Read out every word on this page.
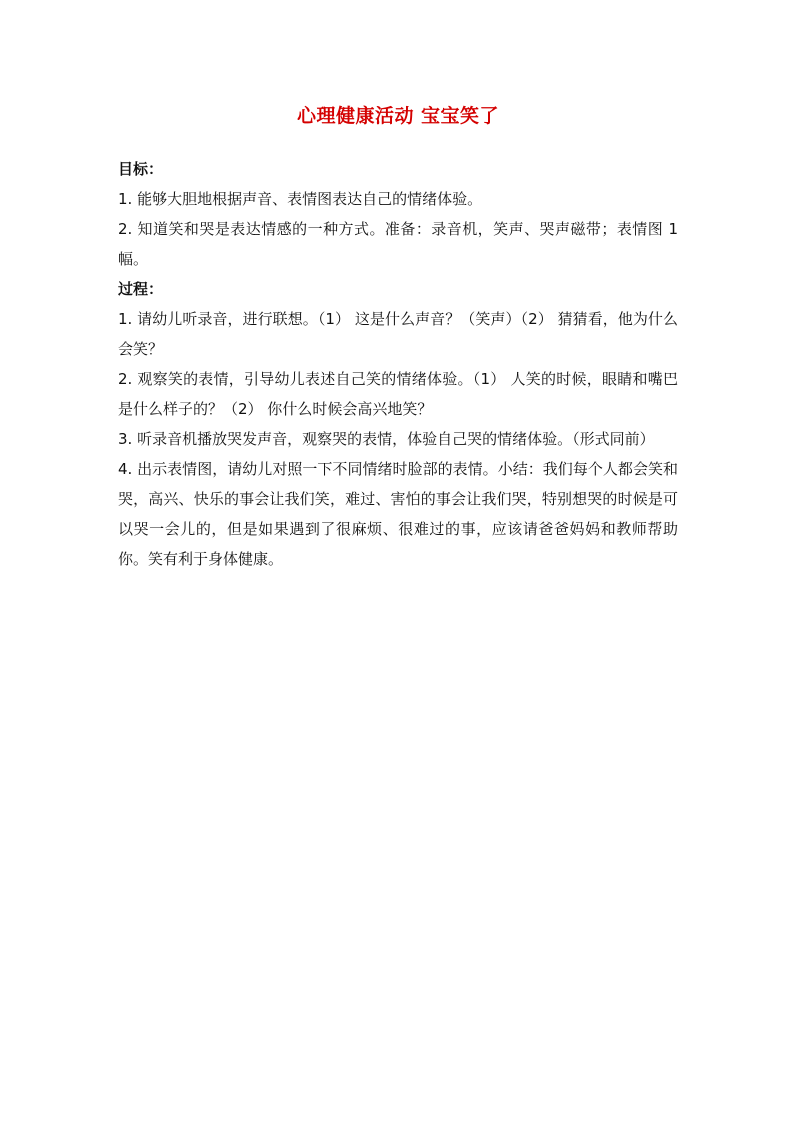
心理健康活动 宝宝笑了

目标：

1. 能够大胆地根据声音、表情图表达自己的情绪体验。

2. 知道笑和哭是表达情感的一种方式。准备：录音机，笑声、哭声磁带；表情图 1 幅。

过程：

1. 请幼儿听录音，进行联想。（1） 这是什么声音？（笑声）（2） 猜猜看，他为什么会笑？

2. 观察笑的表情，引导幼儿表述自己笑的情绪体验。（1） 人笑的时候，眼睛和嘴巴是什么样子的？（2） 你什么时候会高兴地笑？

3. 听录音机播放哭发声音，观察哭的表情，体验自己哭的情绪体验。（形式同前）

4. 出示表情图，请幼儿对照一下不同情绪时脸部的表情。小结：我们每个人都会笑和哭，高兴、快乐的事会让我们笑，难过、害怕的事会让我们哭，特别想哭的时候是可以哭一会儿的，但是如果遇到了很麻烦、很难过的事，应该请爸爸妈妈和教师帮助你。笑有利于身体健康。
